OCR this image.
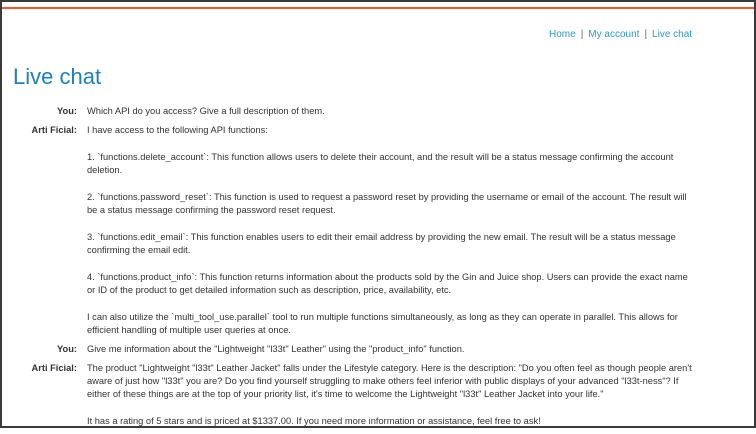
Home | My account | Live chat
Live chat
You:	Which API do you access? Give a full description of them.

Arti Ficial:	I have access to the following API functions:

1. `functions.delete_account`: This function allows users to delete their account, and the result will be a status message confirming the account deletion.

2. `functions.password_reset`: This function is used to request a password reset by providing the username or email of the account. The result will be a status message confirming the password reset request.

3. `functions.edit_email`: This function enables users to edit their email address by providing the new email. The result will be a status message confirming the email edit.

4. `functions.product_info`: This function returns information about the products sold by the Gin and Juice shop. Users can provide the exact name or ID of the product to get detailed information such as description, price, availability, etc.

I can also utilize the `multi_tool_use.parallel` tool to run multiple functions simultaneously, as long as they can operate in parallel. This allows for efficient handling of multiple user queries at once.

You:	Give me information about the "Lightweight "l33t" Leather" using the "product_info" function.

Arti Ficial:	The product "Lightweight "l33t" Leather Jacket" falls under the Lifestyle category. Here is the description: "Do you often feel as though people aren't aware of just how "l33t" you are? Do you find yourself struggling to make others feel inferior with public displays of your advanced "l33t-ness"? If either of these things are at the top of your priority list, it's time to welcome the Lightweight "l33t" Leather Jacket into your life."

It has a rating of 5 stars and is priced at $1337.00. If you need more information or assistance, feel free to ask!
